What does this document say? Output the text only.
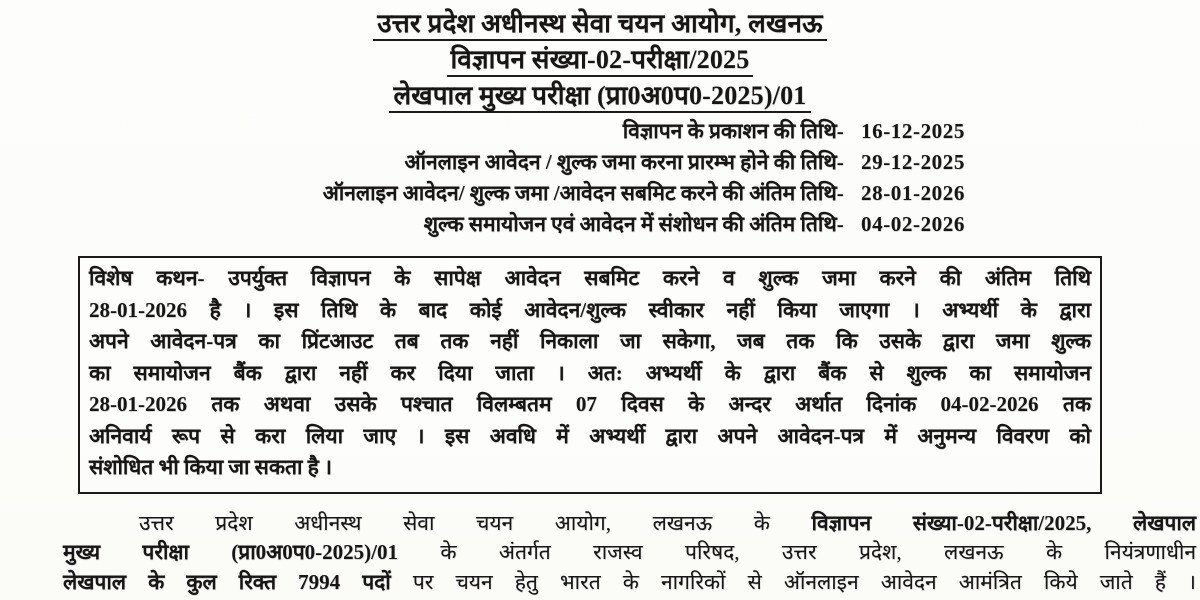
उत्तर प्रदेश अधीनस्थ सेवा चयन आयोग, लखनऊ
विज्ञापन संख्या-02-परीक्षा/2025
लेखपाल मुख्य परीक्षा (प्रा0अ0प0-2025)/01
विज्ञापन के प्रकाशन की तिथि- 16-12-2025
ऑनलाइन आवेदन / शुल्क जमा करना प्रारम्भ होने की तिथि- 29-12-2025
ऑनलाइन आवेदन/ शुल्क जमा /आवेदन सबमिट करने की अंतिम तिथि- 28-01-2026
शुल्क समायोजन एवं आवेदन में संशोधन की अंतिम तिथि- 04-02-2026
विशेष कथन- उपर्युक्त विज्ञापन के सापेक्ष आवेदन सबमिट करने व शुल्क जमा करने की अंतिम तिथि
28-01-2026 है । इस तिथि के बाद कोई आवेदन/शुल्क स्वीकार नहीं किया जाएगा । अभ्यर्थी के द्वारा
अपने आवेदन-पत्र का प्रिंटआउट तब तक नहीं निकाला जा सकेगा, जब तक कि उसके द्वारा जमा शुल्क
का समायोजन बैंक द्वारा नहीं कर दिया जाता । अत: अभ्यर्थी के द्वारा बैंक से शुल्क का समायोजन
28-01-2026 तक अथवा उसके पश्चात विलम्बतम 07 दिवस के अन्दर अर्थात दिनांक 04-02-2026 तक
अनिवार्य रूप से करा लिया जाए । इस अवधि में अभ्यर्थी द्वारा अपने आवेदन-पत्र में अनुमन्य विवरण को
संशोधित भी किया जा सकता है ।
उत्तर प्रदेश अधीनस्थ सेवा चयन आयोग, लखनऊ के विज्ञापन संख्या-02-परीक्षा/2025, लेखपाल
मुख्य परीक्षा (प्रा0अ0प0-2025)/01 के अंतर्गत राजस्व परिषद, उत्तर प्रदेश, लखनऊ के नियंत्रणाधीन
लेखपाल के कुल रिक्त 7994 पदों पर चयन हेतु भारत के नागरिकों से ऑनलाइन आवेदन आमंत्रित किये जाते हैं ।
